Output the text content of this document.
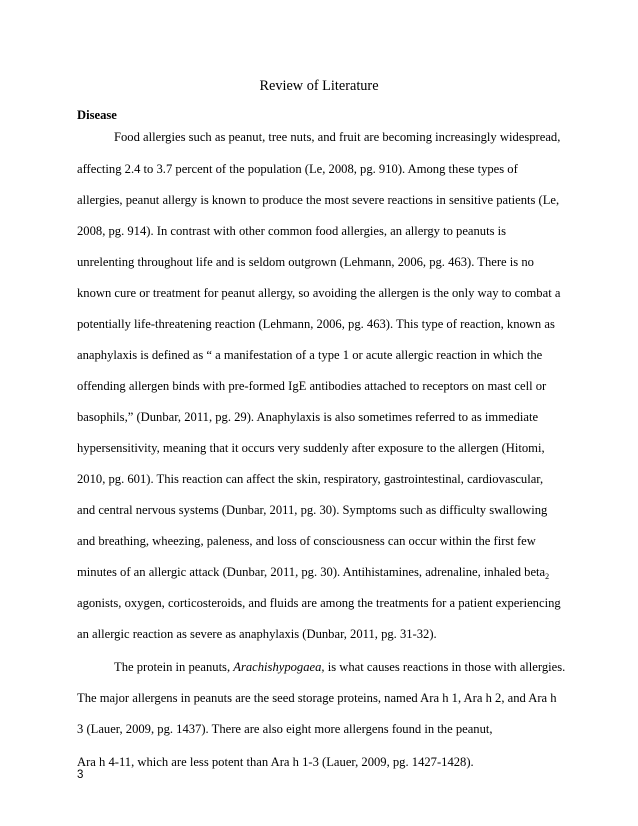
Review of Literature
Disease
Food allergies such as peanut, tree nuts, and fruit are becoming increasingly widespread,
affecting 2.4 to 3.7 percent of the population (Le, 2008, pg. 910). Among these types of
allergies, peanut allergy is known to produce the most severe reactions in sensitive patients (Le,
2008, pg. 914). In contrast with other common food allergies, an allergy to peanuts is
unrelenting throughout life and is seldom outgrown (Lehmann, 2006, pg. 463). There is no
known cure or treatment for peanut allergy, so avoiding the allergen is the only way to combat a
potentially life-threatening reaction (Lehmann, 2006, pg. 463). This type of reaction, known as
anaphylaxis is defined as “ a manifestation of a type 1 or acute allergic reaction in which the
offending allergen binds with pre-formed IgE antibodies attached to receptors on mast cell or
basophils,” (Dunbar, 2011, pg. 29). Anaphylaxis is also sometimes referred to as immediate
hypersensitivity, meaning that it occurs very suddenly after exposure to the allergen (Hitomi,
2010, pg. 601). This reaction can affect the skin, respiratory, gastrointestinal, cardiovascular,
and central nervous systems (Dunbar, 2011, pg. 30). Symptoms such as difficulty swallowing
and breathing, wheezing, paleness, and loss of consciousness can occur within the first few
minutes of an allergic attack (Dunbar, 2011, pg. 30). Antihistamines, adrenaline, inhaled beta$_2$
agonists, oxygen, corticosteroids, and fluids are among the treatments for a patient experiencing
an allergic reaction as severe as anaphylaxis (Dunbar, 2011, pg. 31-32).
The protein in peanuts, Arachishypogaea, is what causes reactions in those with allergies.
The major allergens in peanuts are the seed storage proteins, named Ara h 1, Ara h 2, and Ara h
3 (Lauer, 2009, pg. 1437). There are also eight more allergens found in the peanut,
Ara h 4-11, which are less potent than Ara h 1-3 (Lauer, 2009, pg. 1427-1428).
3
